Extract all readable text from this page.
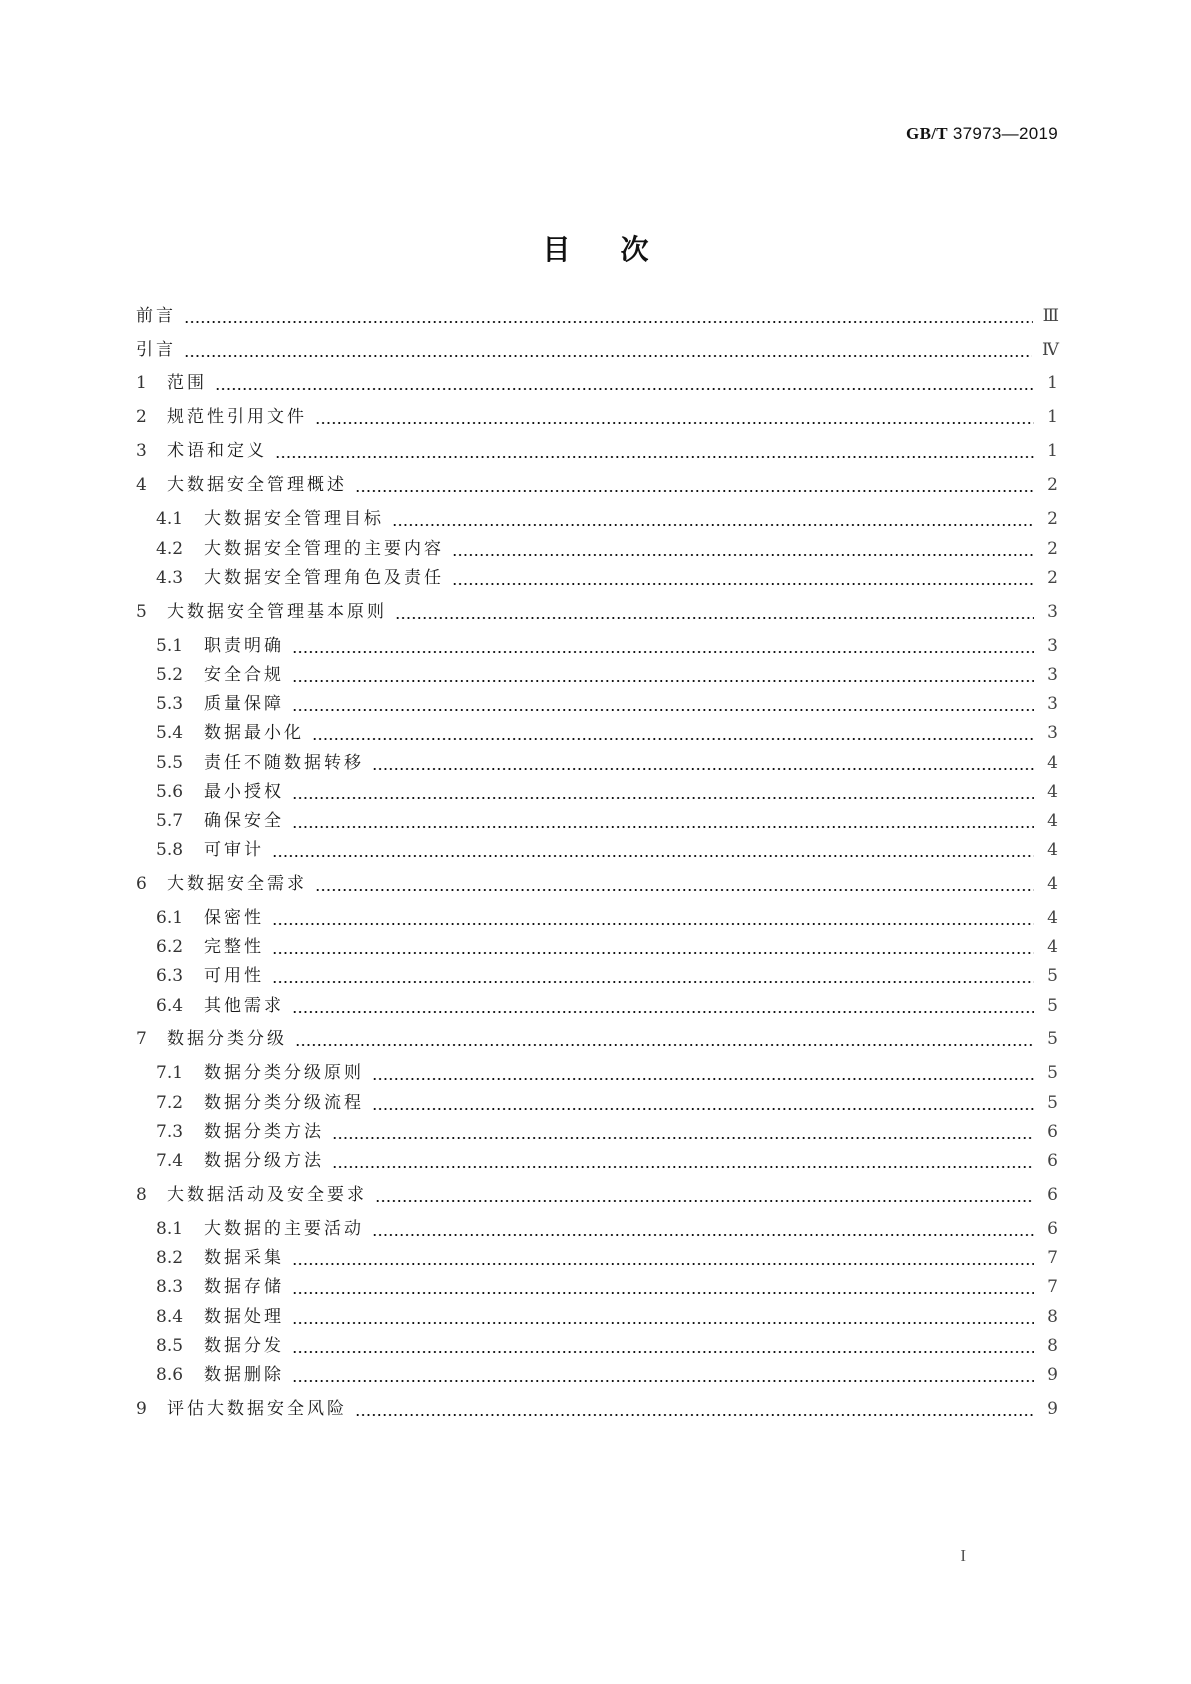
GB/T 37973—2019
目次
前言	Ⅲ
引言	Ⅳ
1	范围	1
2	规范性引用文件	1
3	术语和定义	1
4	大数据安全管理概述	2
4.1	大数据安全管理目标	2
4.2	大数据安全管理的主要内容	2
4.3	大数据安全管理角色及责任	2
5	大数据安全管理基本原则	3
5.1	职责明确	3
5.2	安全合规	3
5.3	质量保障	3
5.4	数据最小化	3
5.5	责任不随数据转移	4
5.6	最小授权	4
5.7	确保安全	4
5.8	可审计	4
6	大数据安全需求	4
6.1	保密性	4
6.2	完整性	4
6.3	可用性	5
6.4	其他需求	5
7	数据分类分级	5
7.1	数据分类分级原则	5
7.2	数据分类分级流程	5
7.3	数据分类方法	6
7.4	数据分级方法	6
8	大数据活动及安全要求	6
8.1	大数据的主要活动	6
8.2	数据采集	7
8.3	数据存储	7
8.4	数据处理	8
8.5	数据分发	8
8.6	数据删除	9
9	评估大数据安全风险	9
I
